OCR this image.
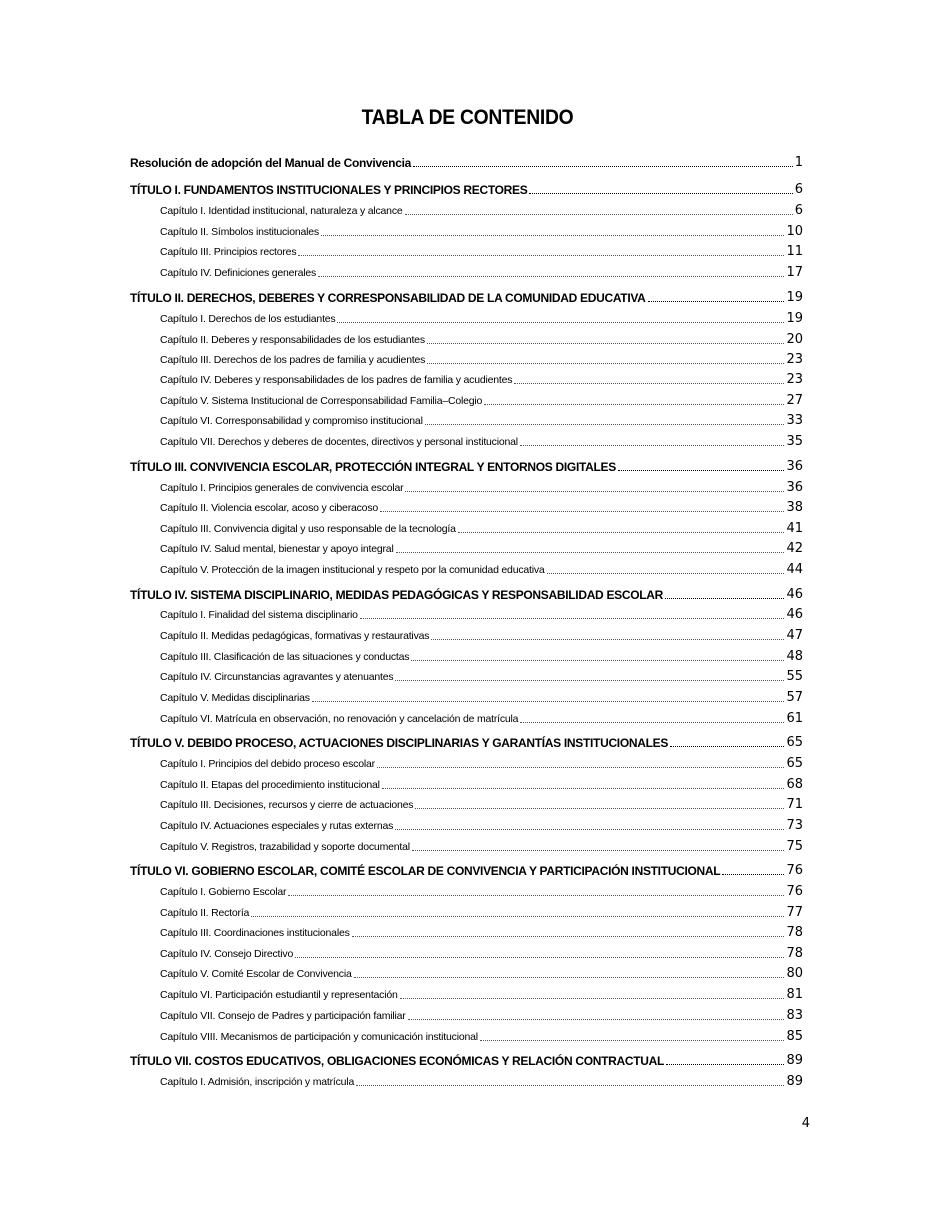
TABLA DE CONTENIDO
Resolución de adopción del Manual de Convivencia	1
TÍTULO I. FUNDAMENTOS INSTITUCIONALES Y PRINCIPIOS RECTORES	6
Capítulo I. Identidad institucional, naturaleza y alcance	6
Capítulo II. Símbolos institucionales	10
Capítulo III. Principios rectores	11
Capítulo IV. Definiciones generales	17
TÍTULO II. DERECHOS, DEBERES Y CORRESPONSABILIDAD DE LA COMUNIDAD EDUCATIVA	19
Capítulo I. Derechos de los estudiantes	19
Capítulo II. Deberes y responsabilidades de los estudiantes	20
Capítulo III. Derechos de los padres de familia y acudientes	23
Capítulo IV. Deberes y responsabilidades de los padres de familia y acudientes	23
Capítulo V. Sistema Institucional de Corresponsabilidad Familia–Colegio	27
Capítulo VI. Corresponsabilidad y compromiso institucional	33
Capítulo VII. Derechos y deberes de docentes, directivos y personal institucional	35
TÍTULO III. CONVIVENCIA ESCOLAR, PROTECCIÓN INTEGRAL Y ENTORNOS DIGITALES	36
Capítulo I. Principios generales de convivencia escolar	36
Capítulo II. Violencia escolar, acoso y ciberacoso	38
Capítulo III. Convivencia digital y uso responsable de la tecnología	41
Capítulo IV. Salud mental, bienestar y apoyo integral	42
Capítulo V. Protección de la imagen institucional y respeto por la comunidad educativa	44
TÍTULO IV. SISTEMA DISCIPLINARIO, MEDIDAS PEDAGÓGICAS Y RESPONSABILIDAD ESCOLAR	46
Capítulo I. Finalidad del sistema disciplinario	46
Capítulo II. Medidas pedagógicas, formativas y restaurativas	47
Capítulo III. Clasificación de las situaciones y conductas	48
Capítulo IV. Circunstancias agravantes y atenuantes	55
Capítulo V. Medidas disciplinarias	57
Capítulo VI. Matrícula en observación, no renovación y cancelación de matrícula	61
TÍTULO V. DEBIDO PROCESO, ACTUACIONES DISCIPLINARIAS Y GARANTÍAS INSTITUCIONALES	65
Capítulo I. Principios del debido proceso escolar	65
Capítulo II. Etapas del procedimiento institucional	68
Capítulo III. Decisiones, recursos y cierre de actuaciones	71
Capítulo IV. Actuaciones especiales y rutas externas	73
Capítulo V. Registros, trazabilidad y soporte documental	75
TÍTULO VI. GOBIERNO ESCOLAR, COMITÉ ESCOLAR DE CONVIVENCIA Y PARTICIPACIÓN INSTITUCIONAL	76
Capítulo I. Gobierno Escolar	76
Capítulo II. Rectoría	77
Capítulo III. Coordinaciones institucionales	78
Capítulo IV. Consejo Directivo	78
Capítulo V. Comité Escolar de Convivencia	80
Capítulo VI. Participación estudiantil y representación	81
Capítulo VII. Consejo de Padres y participación familiar	83
Capítulo VIII. Mecanismos de participación y comunicación institucional	85
TÍTULO VII. COSTOS EDUCATIVOS, OBLIGACIONES ECONÓMICAS Y RELACIÓN CONTRACTUAL	89
Capítulo I. Admisión, inscripción y matrícula	89
4
